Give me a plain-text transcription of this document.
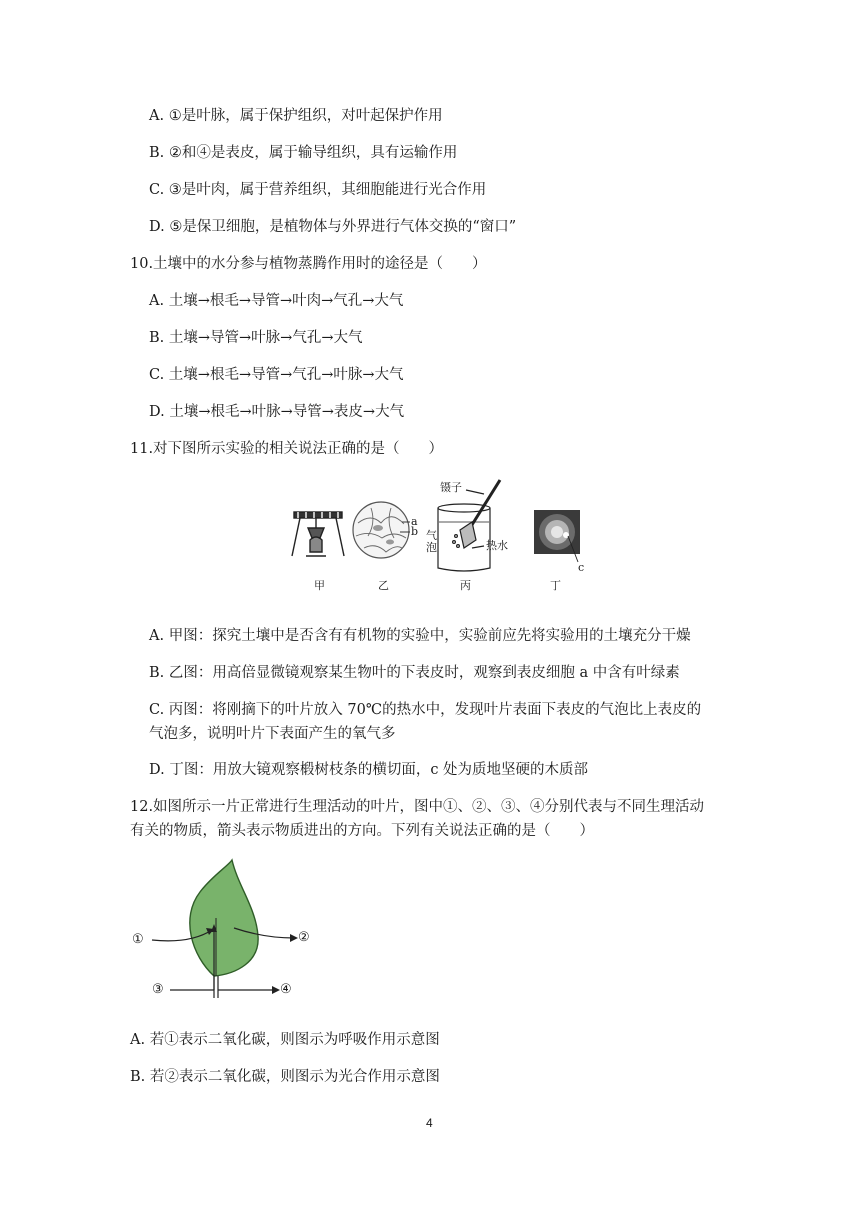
A. ①是叶脉，属于保护组织，对叶起保护作用
B. ②和④是表皮，属于输导组织，具有运输作用
C. ③是叶肉，属于营养组织，其细胞能进行光合作用
D. ⑤是保卫细胞，是植物体与外界进行气体交换的“窗口”
10.土壤中的水分参与植物蒸腾作用时的途径是（　　）
A. 土壤→根毛→导管→叶肉→气孔→大气
B. 土壤→导管→叶脉→气孔→大气
C. 土壤→根毛→导管→气孔→叶脉→大气
D. 土壤→根毛→叶脉→导管→表皮→大气
11.对下图所示实验的相关说法正确的是（　　）
甲	乙	丙	丁
a
b
镊子
气
泡	热水
c
A. 甲图：探究土壤中是否含有有机物的实验中，实验前应先将实验用的土壤充分干燥
B. 乙图：用高倍显微镜观察某生物叶的下表皮时，观察到表皮细胞 a 中含有叶绿素
C. 丙图：将刚摘下的叶片放入 70℃的热水中，发现叶片表面下表皮的气泡比上表皮的
气泡多，说明叶片下表面产生的氧气多
D. 丁图：用放大镜观察椴树枝条的横切面，c 处为质地坚硬的木质部
12.如图所示一片正常进行生理活动的叶片，图中①、②、③、④分别代表与不同生理活动
有关的物质，箭头表示物质进出的方向。下列有关说法正确的是（　　）
①	②
③	④
A. 若①表示二氧化碳，则图示为呼吸作用示意图
B. 若②表示二氧化碳，则图示为光合作用示意图
4
